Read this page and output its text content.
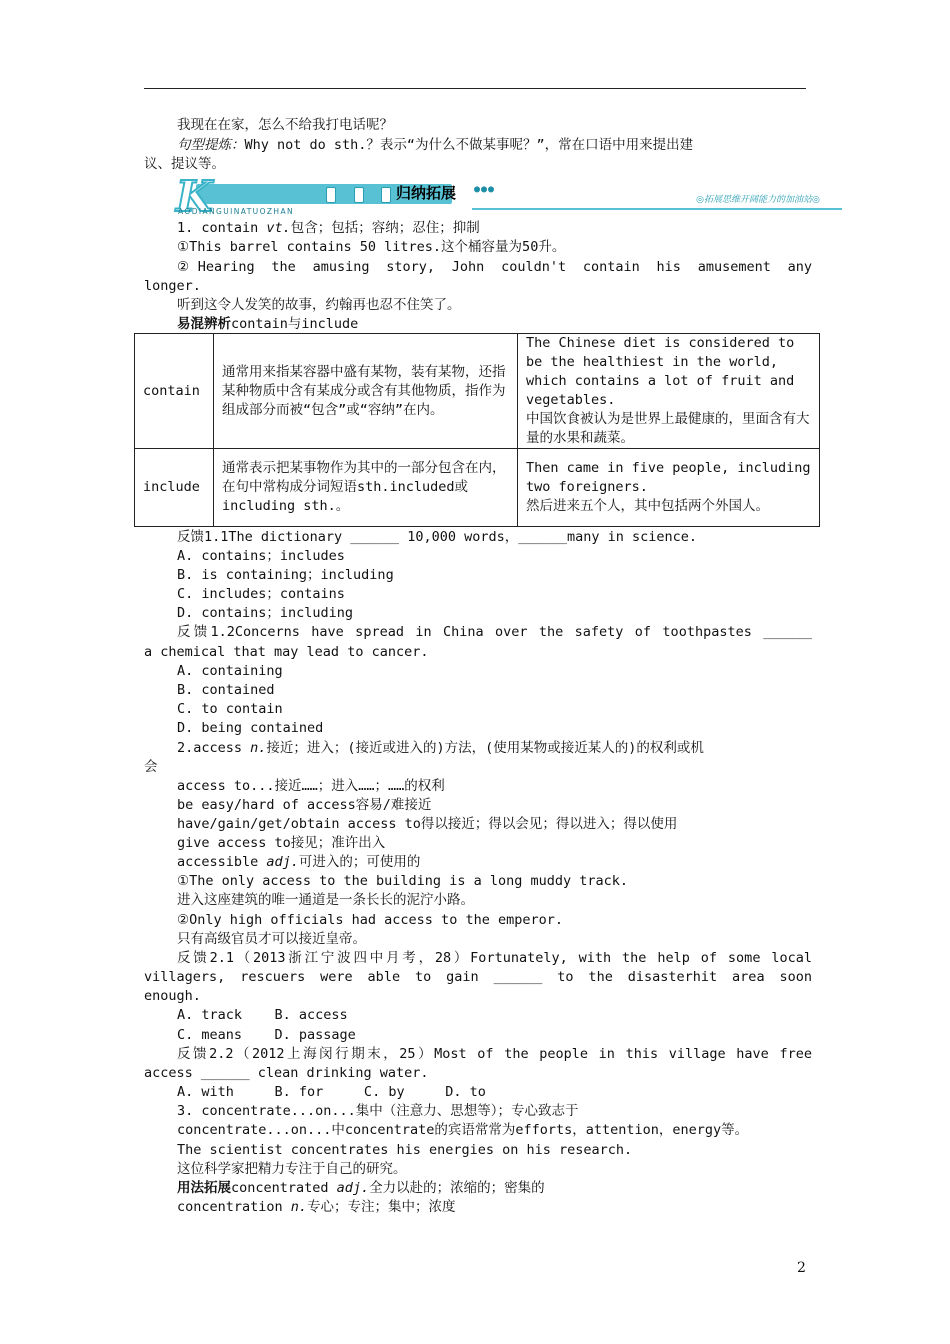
我现在在家，怎么不给我打电话呢？
句型提炼：Why not do sth.？表示“为什么不做某事呢？”，常在口语中用来提出建
议、提议等。
K	归纳拓展 ●●●
AODIANGUINATUOZHAN
◎拓展思维开阔能力的加油站◎
1. contain vt.包含；包括；容纳；忍住；抑制
①This barrel contains 50 litres.这个桶容量为50升。
②Hearing the amusing story, John couldn't contain his amusement any
longer.
听到这令人发笑的故事，约翰再也忍不住笑了。
易混辨析contain与include
contain	通常用来指某容器中盛有某物，装有某物，还指某种物质中含有某成分或含有其他物质，指作为组成部分而被“包含”或“容纳”在内。	The Chinese diet is considered to be the healthiest in the world, which contains a lot of fruit and vegetables.
中国饮食被认为是世界上最健康的，里面含有大量的水果和蔬菜。
include	通常表示把某事物作为其中的一部分包含在内，在句中常构成分词短语sth.included或including sth.。	Then came in five people, including two foreigners.
然后进来五个人，其中包括两个外国人。
反馈1.1The dictionary ______ 10,000 words，______many in science.
A. contains；includes
B. is containing；including
C. includes；contains
D. contains；including
反馈1.2Concerns have spread in China over the safety of toothpastes ______
a chemical that may lead to cancer.
A. containing
B. contained
C. to contain
D. being contained
2.access n.接近；进入；(接近或进入的)方法，(使用某物或接近某人的)的权利或机
会
access to...接近……；进入……；……的权利
be easy/hard of access容易/难接近
have/gain/get/obtain access to得以接近；得以会见；得以进入；得以使用
give access to接见；准许出入
accessible adj.可进入的；可使用的
①The only access to the building is a long muddy track.
进入这座建筑的唯一通道是一条长长的泥泞小路。
②Only high officials had access to the emperor.
只有高级官员才可以接近皇帝。
反馈2.1（2013浙江宁波四中月考，28）Fortunately, with the help of some local
villagers, rescuers were able to gain ______ to the disasterhit area soon
enough.
A. track    B. access
C. means    D. passage
反馈2.2（2012上海闵行期末，25）Most of the people in this village have free
access ______ clean drinking water.
A. with     B. for     C. by     D. to
3. concentrate...on...集中（注意力、思想等）；专心致志于
concentrate...on...中concentrate的宾语常常为efforts，attention，energy等。
The scientist concentrates his energies on his research.
这位科学家把精力专注于自己的研究。
用法拓展concentrated adj.全力以赴的；浓缩的；密集的
concentration n.专心；专注；集中；浓度
2
